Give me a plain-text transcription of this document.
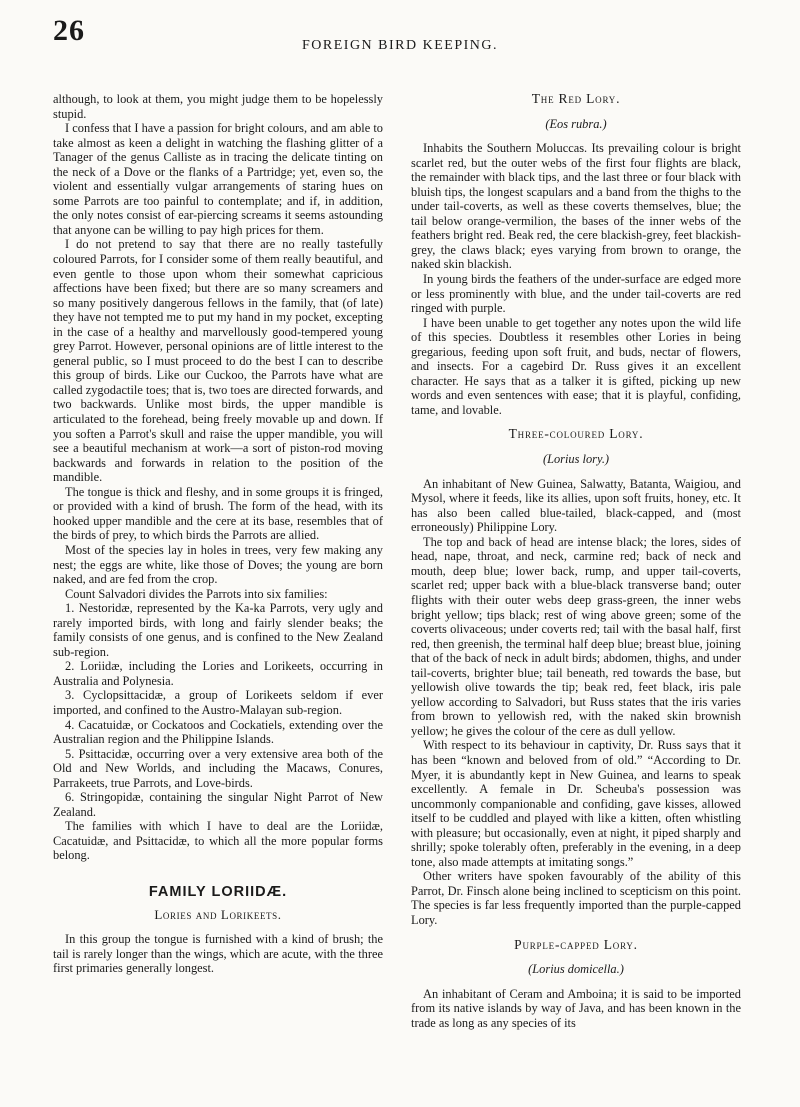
26	FOREIGN BIRD KEEPING.

although, to look at them, you might judge them to be hopelessly stupid.

I confess that I have a passion for bright colours, and am able to take almost as keen a delight in watching the flashing glitter of a Tanager of the genus Calliste as in tracing the delicate tinting on the neck of a Dove or the flanks of a Partridge; yet, even so, the violent and essentially vulgar arrangements of staring hues on some Parrots are too painful to contemplate; and if, in addition, the only notes consist of ear-piercing screams it seems astounding that anyone can be willing to pay high prices for them.

I do not pretend to say that there are no really tastefully coloured Parrots, for I consider some of them really beautiful, and even gentle to those upon whom their somewhat capricious affections have been fixed; but there are so many screamers and so many positively dangerous fellows in the family, that (of late) they have not tempted me to put my hand in my pocket, excepting in the case of a healthy and marvellously good-tempered young grey Parrot. However, personal opinions are of little interest to the general public, so I must proceed to do the best I can to describe this group of birds. Like our Cuckoo, the Parrots have what are called zygodactile toes; that is, two toes are directed forwards, and two backwards. Unlike most birds, the upper mandible is articulated to the forehead, being freely movable up and down. If you soften a Parrot's skull and raise the upper mandible, you will see a beautiful mechanism at work—a sort of piston-rod moving backwards and forwards in relation to the position of the mandible.

The tongue is thick and fleshy, and in some groups it is fringed, or provided with a kind of brush. The form of the head, with its hooked upper mandible and the cere at its base, resembles that of the birds of prey, to which birds the Parrots are allied.

Most of the species lay in holes in trees, very few making any nest; the eggs are white, like those of Doves; the young are born naked, and are fed from the crop.

Count Salvadori divides the Parrots into six families:

1. Nestoridæ, represented by the Ka-ka Parrots, very ugly and rarely imported birds, with long and fairly slender beaks; the family consists of one genus, and is confined to the New Zealand sub-region.

2. Loriidæ, including the Lories and Lorikeets, occurring in Australia and Polynesia.

3. Cyclopsittacidæ, a group of Lorikeets seldom if ever imported, and confined to the Austro-Malayan sub-region.

4. Cacatuidæ, or Cockatoos and Cockatiels, extending over the Australian region and the Philippine Islands.

5. Psittacidæ, occurring over a very extensive area both of the Old and New Worlds, and including the Macaws, Conures, Parrakeets, true Parrots, and Love-birds.

6. Stringopidæ, containing the singular Night Parrot of New Zealand.

The families with which I have to deal are the Loriidæ, Cacatuidæ, and Psittacidæ, to which all the more popular forms belong.

FAMILY LORIIDÆ.

Lories and Lorikeets.

In this group the tongue is furnished with a kind of brush; the tail is rarely longer than the wings, which are acute, with the three first primaries generally longest.

The Red Lory.

(Eos rubra.)

Inhabits the Southern Moluccas. Its prevailing colour is bright scarlet red, but the outer webs of the first four flights are black, the remainder with black tips, and the last three or four black with bluish tips, the longest scapulars and a band from the thighs to the under tail-coverts, as well as these coverts themselves, blue; the tail below orange-vermilion, the bases of the inner webs of the feathers bright red. Beak red, the cere blackish-grey, feet blackish-grey, the claws black; eyes varying from brown to orange, the naked skin blackish.

In young birds the feathers of the under-surface are edged more or less prominently with blue, and the under tail-coverts are red ringed with purple.

I have been unable to get together any notes upon the wild life of this species. Doubtless it resembles other Lories in being gregarious, feeding upon soft fruit, and buds, nectar of flowers, and insects. For a cagebird Dr. Russ gives it an excellent character. He says that as a talker it is gifted, picking up new words and even sentences with ease; that it is playful, confiding, tame, and lovable.

Three-coloured Lory.

(Lorius lory.)

An inhabitant of New Guinea, Salwatty, Batanta, Waigiou, and Mysol, where it feeds, like its allies, upon soft fruits, honey, etc. It has also been called blue-tailed, black-capped, and (most erroneously) Philippine Lory.

The top and back of head are intense black; the lores, sides of head, nape, throat, and neck, carmine red; back of neck and mouth, deep blue; lower back, rump, and upper tail-coverts, scarlet red; upper back with a blue-black transverse band; outer flights with their outer webs deep grass-green, the inner webs bright yellow; tips black; rest of wing above green; some of the coverts olivaceous; under coverts red; tail with the basal half, first red, then greenish, the terminal half deep blue; breast blue, joining that of the back of neck in adult birds; abdomen, thighs, and under tail-coverts, brighter blue; tail beneath, red towards the base, but yellowish olive towards the tip; beak red, feet black, iris pale yellow according to Salvadori, but Russ states that the iris varies from brown to yellowish red, with the naked skin brownish yellow; he gives the colour of the cere as dull yellow.

With respect to its behaviour in captivity, Dr. Russ says that it has been “known and beloved from of old.” “According to Dr. Myer, it is abundantly kept in New Guinea, and learns to speak excellently. A female in Dr. Scheuba's possession was uncommonly companionable and confiding, gave kisses, allowed itself to be cuddled and played with like a kitten, often whistling with pleasure; but occasionally, even at night, it piped sharply and shrilly; spoke tolerably often, preferably in the evening, in a deep tone, also made attempts at imitating songs.”

Other writers have spoken favourably of the ability of this Parrot, Dr. Finsch alone being inclined to scepticism on this point. The species is far less frequently imported than the purple-capped Lory.

Purple-capped Lory.

(Lorius domicella.)

An inhabitant of Ceram and Amboina; it is said to be imported from its native islands by way of Java, and has been known in the trade as long as any species of its
